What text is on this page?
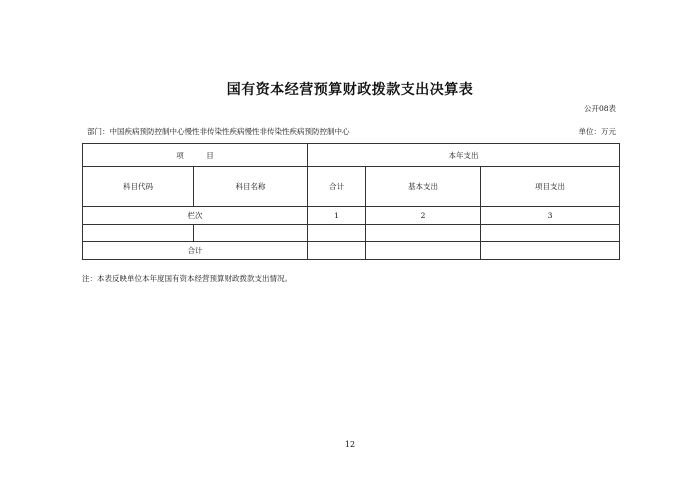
国有资本经营预算财政拨款支出决算表
公开08表
部门：中国疾病预防控制中心慢性非传染性疾病慢性非传染性疾病预防控制中心	单位：万元
项　　　目		本年支出		
科目代码	科目名称	合计	基本支出	项目支出
栏次		1	2	3

合计				
注：本表反映单位本年度国有资本经营预算财政拨款支出情况。
12
